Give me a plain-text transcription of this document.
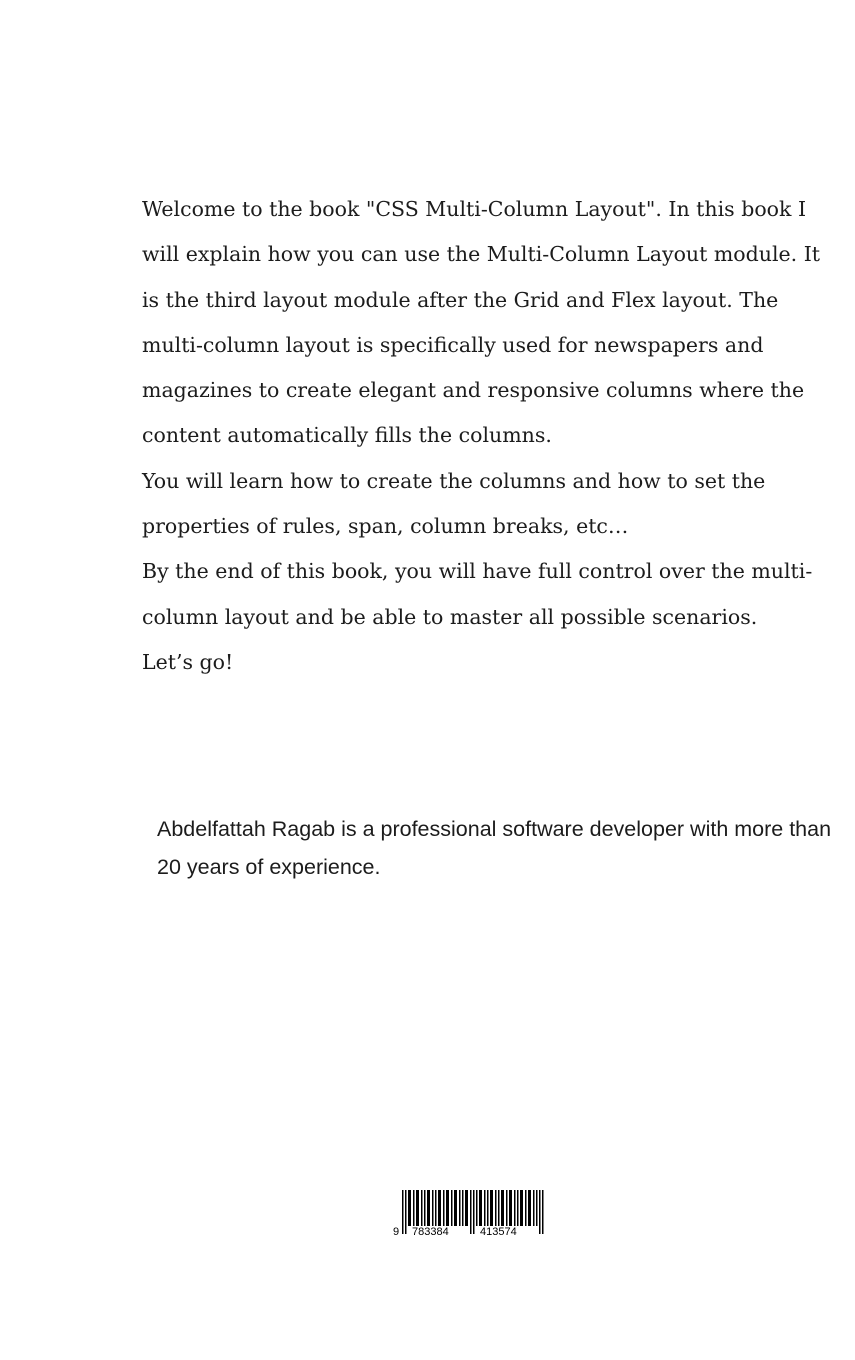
Welcome to the book "CSS Multi-Column Layout". In this book I will explain how you can use the Multi-Column Layout module. It is the third layout module after the Grid and Flex layout. The multi-column layout is specifically used for newspapers and magazines to create elegant and responsive columns where the content automatically fills the columns.

You will learn how to create the columns and how to set the properties of rules, span, column breaks, etc…

By the end of this book, you will have full control over the multi-column layout and be able to master all possible scenarios.

Let’s go!

Abdelfattah Ragab is a professional software developer with more than 20 years of experience.

9 783384	413574
